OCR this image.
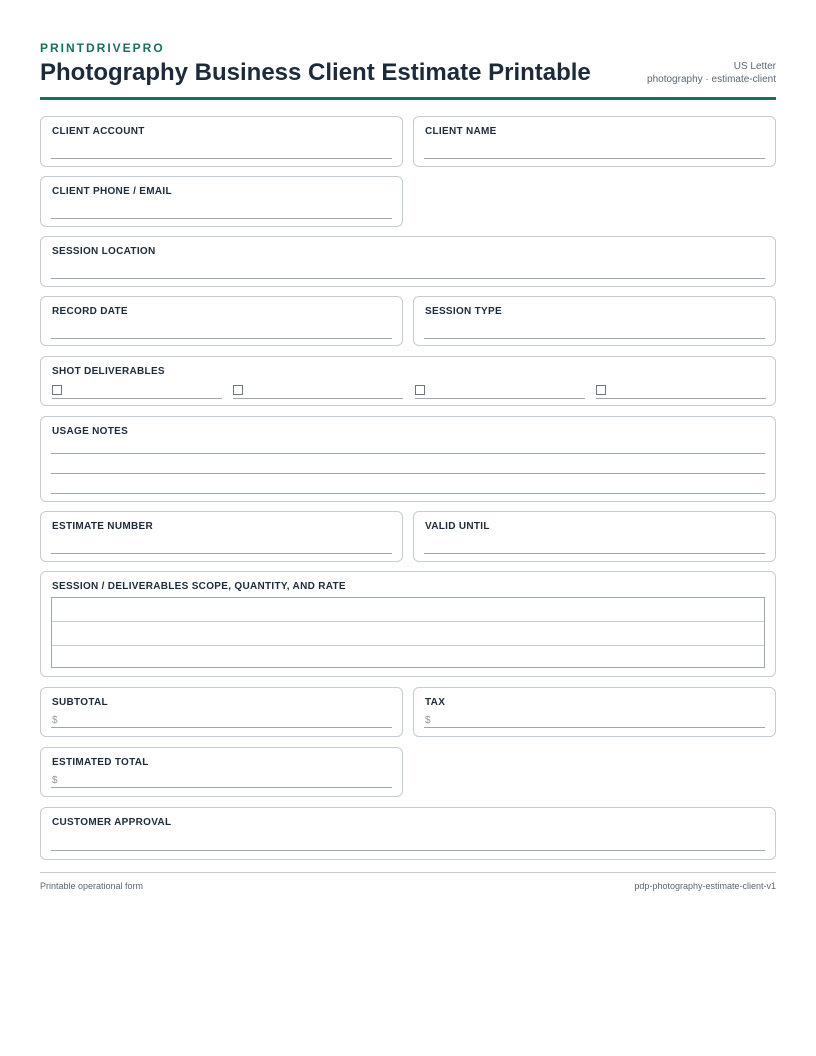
PRINTDRIVEPRO
Photography Business Client Estimate Printable	US Letter
photography · estimate-client
CLIENT ACCOUNT	CLIENT NAME
CLIENT PHONE / EMAIL
SESSION LOCATION
RECORD DATE	SESSION TYPE
SHOT DELIVERABLES
USAGE NOTES
ESTIMATE NUMBER	VALID UNTIL
SESSION / DELIVERABLES SCOPE, QUANTITY, AND RATE
SUBTOTAL
$
TAX
$
ESTIMATED TOTAL
$
CUSTOMER APPROVAL
Printable operational form	pdp-photography-estimate-client-v1
